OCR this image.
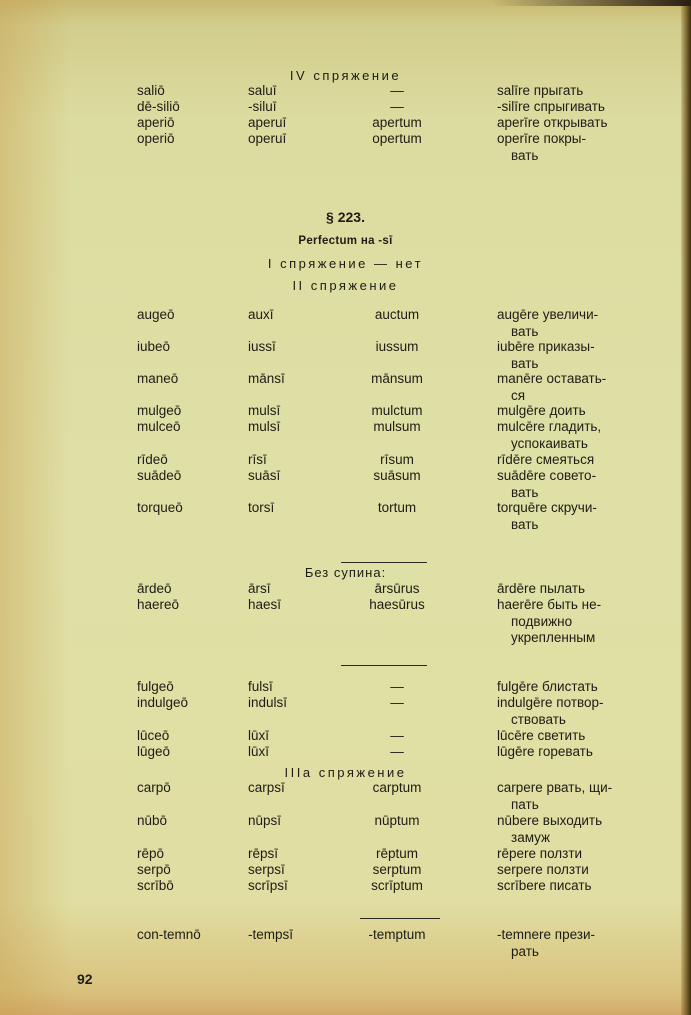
IV спряжение
saliō	saluī	—	salīre прыгать
dē-siliō	-siluī	—	-silīre спрыгивать
aperiō	aperuī	apertum	aperīre открывать
operiō	operuī	opertum	operīre покры-
вать
augeō	auxī	auctum	augēre увеличи-
вать
iubeō	iussī	iussum	iubēre приказы-
вать
maneō	mānsī	mānsum	manēre оставать-
ся
mulgeō	mulsī	mulctum	mulgēre доить
mulceō	mulsī	mulsum	mulcēre гладить,
успокаивать
rīdeō	rīsī	rīsum	rīdēre смеяться
suādeō	suāsī	suāsum	suādēre совето-
вать
torqueō	torsī	tortum	torquēre скручи-
вать
ārdeō	ārsī	ārsūrus	ārdēre пылать
haereō	haesī	haesūrus	haerēre быть не-
подвижно укрепленным
fulgeō	fulsī	—	fulgēre блистать
indulgeō	indulsī	—	indulgēre потвор-
ствовать
lūceō	lūxī	—	lūcēre светить
lūgeō	lūxī	—	lūgēre горевать
carpō	carpsī	carptum	carpere рвать, щи-
пать
nūbō	nūpsī	nūptum	nūbere выходить
замуж
rēpō	rēpsī	rēptum	rēpere ползти
serpō	serpsī	serptum	serpere ползти
scrībō	scrīpsī	scrīptum	scrībere писать
con-temnō	-tempsī	-temptum	-temnere прези-
рать
§ 223.
Perfectum на -sī
I спряжение — нет
II спряжение
Без супина:
IIIa спряжение
92
